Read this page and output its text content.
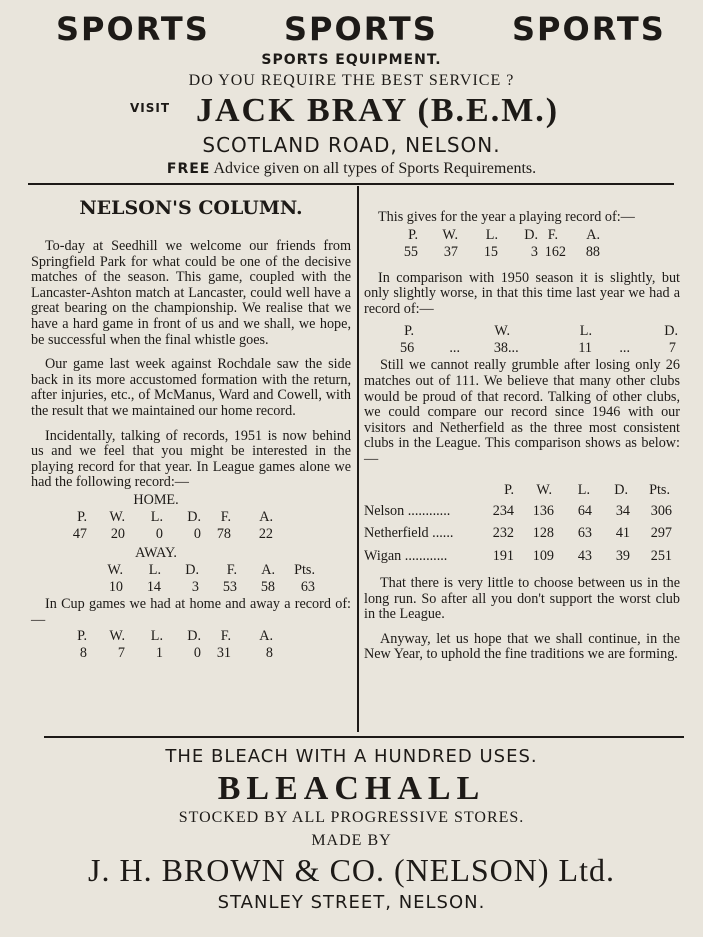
SPORTS SPORTS SPORTS
SPORTS EQUIPMENT.
DO YOU REQUIRE THE BEST SERVICE ?
VISIT JACK BRAY (B.E.M.)
SCOTLAND ROAD, NELSON.
FREE Advice given on all types of Sports Requirements.
NELSON'S COLUMN.

To-day at Seedhill we welcome our friends from Springfield Park for what could be one of the decisive matches of the season. This game, coupled with the Lancaster-Ashton match at Lancaster, could well have a great bearing on the championship. We realise that we have a hard game in front of us and we shall, we hope, be successful when the final whistle goes.

Our game last week against Rochdale saw the side back in its more accustomed formation with the return, after injuries, etc., of McManus, Ward and Cowell, with the result that we maintained our home record.

Incidentally, talking of records, 1951 is now behind us and we feel that you might be interested in the playing record for that year. In League games alone we had the following record:—

HOME.
P.	W.	L.	D.	F.	A.
47	20	0	0	78	22
AWAY.
W.	L.	D.	F.	A.	Pts.
10	14	3	53	58	63

In Cup games we had at home and away a record of:—

P.	W.	L.	D.	F.	A.
8	7	1	0	31	8

This gives for the year a playing record of:—

P.	W.	L.	D. F.	A.
55	37	15	3 162	88

In comparison with 1950 season it is slightly, but only slightly worse, in that this time last year we had a record of:—

P.	W.	L.	D.
56	...	38 ...	11	...	7

Still we cannot really grumble after losing only 26 matches out of 111. We believe that many other clubs would be proud of that record. Talking of other clubs, we could compare our record since 1946 with our visitors and Netherfield as the three most consistent clubs in the League. This comparison shows as below:—

P.	W.	L.	D.	Pts.
Nelson ............	234	136	64	34	306
Netherfield ......	232	128	63	41	297
Wigan ............	191	109	43	39	251

That there is very little to choose between us in the long run. So after all you don't support the worst club in the League.

Anyway, let us hope that we shall continue, in the New Year, to uphold the fine traditions we are forming.

THE BLEACH WITH A HUNDRED USES.
BLEACHALL
STOCKED BY ALL PROGRESSIVE STORES.
MADE BY
J. H. BROWN & CO. (NELSON) Ltd.
STANLEY STREET, NELSON.
